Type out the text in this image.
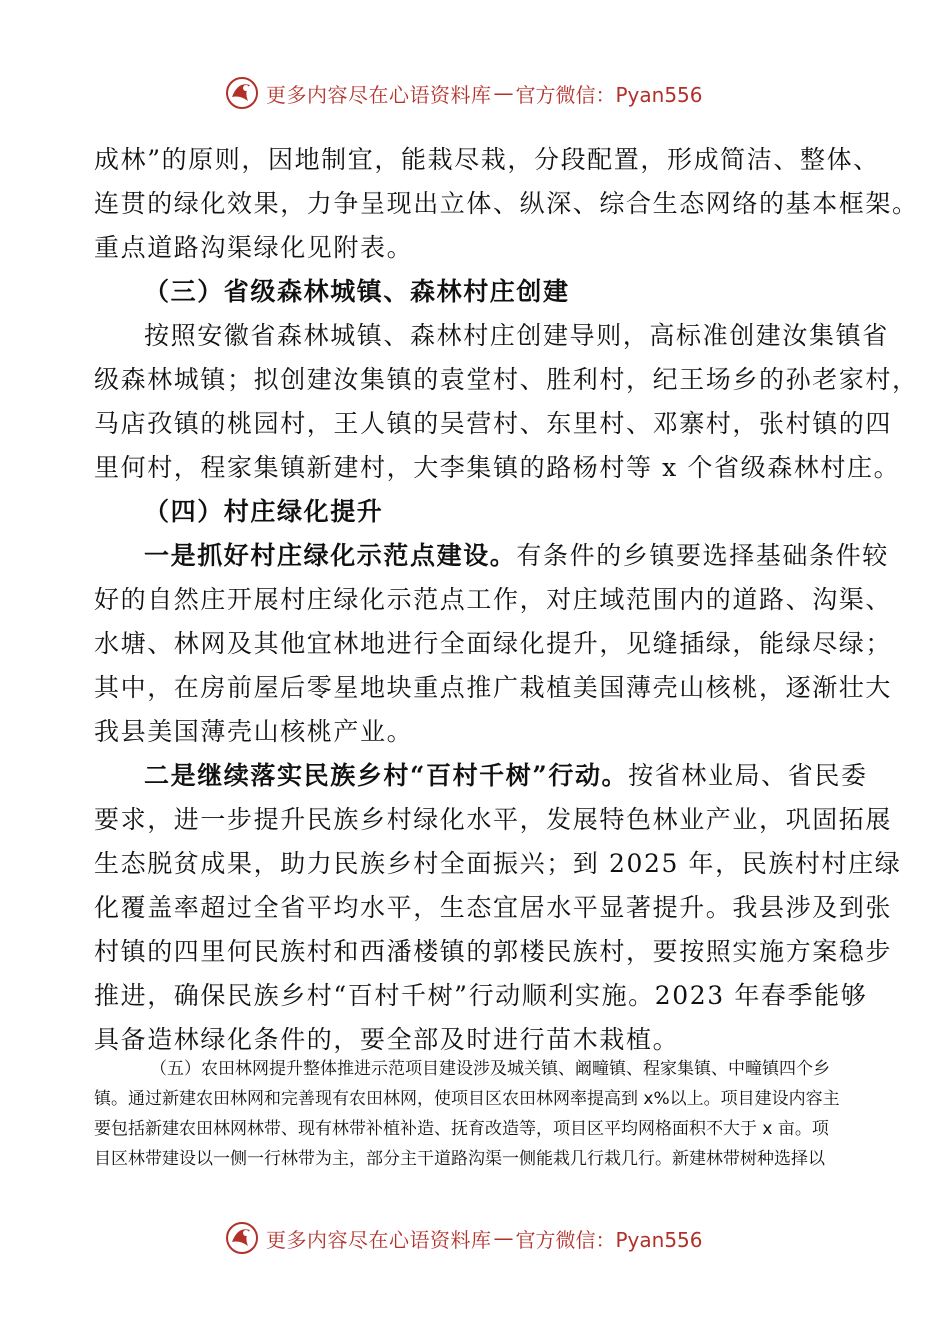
更多内容尽在心语资料库 — 官方微信：Pyan556
成林”的原则，因地制宜，能栽尽栽，分段配置，形成简洁、整体、
连贯的绿化效果，力争呈现出立体、纵深、综合生态网络的基本框架。
重点道路沟渠绿化见附表。
（三）省级森林城镇、森林村庄创建
按照安徽省森林城镇、森林村庄创建导则，高标准创建汝集镇省
级森林城镇；拟创建汝集镇的袁堂村、胜利村，纪王场乡的孙老家村，
马店孜镇的桃园村，王人镇的吴营村、东里村、邓寨村，张村镇的四
里何村，程家集镇新建村，大李集镇的路杨村等 x 个省级森林村庄。
（四）村庄绿化提升
一是抓好村庄绿化示范点建设。有条件的乡镇要选择基础条件较
好的自然庄开展村庄绿化示范点工作，对庄域范围内的道路、沟渠、
水塘、林网及其他宜林地进行全面绿化提升，见缝插绿，能绿尽绿；
其中，在房前屋后零星地块重点推广栽植美国薄壳山核桃，逐渐壮大
我县美国薄壳山核桃产业。
二是继续落实民族乡村“百村千树”行动。按省林业局、省民委
要求，进一步提升民族乡村绿化水平，发展特色林业产业，巩固拓展
生态脱贫成果，助力民族乡村全面振兴；到 2025 年，民族村村庄绿
化覆盖率超过全省平均水平，生态宜居水平显著提升。我县涉及到张
村镇的四里何民族村和西潘楼镇的郭楼民族村，要按照实施方案稳步
推进，确保民族乡村“百村千树”行动顺利实施。2023 年春季能够
具备造林绿化条件的，要全部及时进行苗木栽植。
（五）农田林网提升整体推进示范项目建设涉及城关镇、阚疃镇、程家集镇、中疃镇四个乡
镇。通过新建农田林网和完善现有农田林网，使项目区农田林网率提高到 x%以上。项目建设内容主
要包括新建农田林网林带、现有林带补植补造、抚育改造等，项目区平均网格面积不大于 x 亩。项
目区林带建设以一侧一行林带为主，部分主干道路沟渠一侧能栽几行栽几行。新建林带树种选择以
更多内容尽在心语资料库 — 官方微信：Pyan556
